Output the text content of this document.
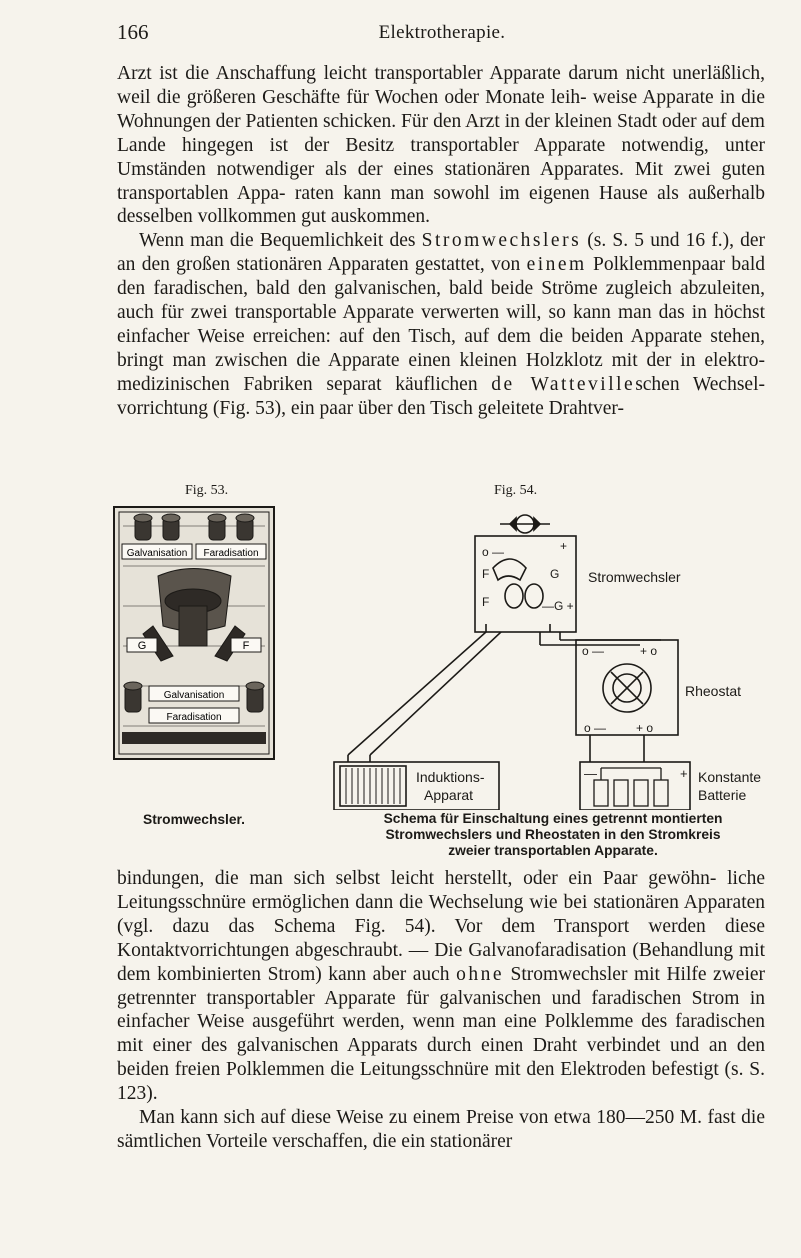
166	Elektrotherapie.

Arzt ist die Anschaffung leicht transportabler Apparate darum nicht unerläßlich, weil die größeren Geschäfte für Wochen oder Monate leih- weise Apparate in die Wohnungen der Patienten schicken. Für den Arzt in der kleinen Stadt oder auf dem Lande hingegen ist der Besitz transportabler Apparate notwendig, unter Umständen notwendiger als der eines stationären Apparates. Mit zwei guten transportablen Appa- raten kann man sowohl im eigenen Hause als außerhalb desselben vollkommen gut auskommen.

Wenn man die Bequemlichkeit des Stromwechslers (s. S. 5 und 16 f.), der an den großen stationären Apparaten gestattet, von einem Polklemmenpaar bald den faradischen, bald den galvanischen, bald beide Ströme zugleich abzuleiten, auch für zwei transportable Apparate verwerten will, so kann man das in höchst einfacher Weise erreichen: auf den Tisch, auf dem die beiden Apparate stehen, bringt man zwischen die Apparate einen kleinen Holzklotz mit der in elektro- medizinischen Fabriken separat käuflichen de Wattevilleschen Wechsel- vorrichtung (Fig. 53), ein paar über den Tisch geleitete Drahtver-

Fig. 53.	Fig. 54.
Galvanisation Faradisation
G	F
Galvanisation
Faradisation
o —	+
F	G
F	—G +
Stromwechsler
o —	+ o
o — + o
Rheostat
Induktions-
Apparat
—	+ Konstante
Batterie
Stromwechsler.	Schema für Einschaltung eines getrennt montierten
Stromwechslers und Rheostaten in den Stromkreis
zweier transportablen Apparate.

bindungen, die man sich selbst leicht herstellt, oder ein Paar gewöhn- liche Leitungsschnüre ermöglichen dann die Wechselung wie bei stationären Apparaten (vgl. dazu das Schema Fig. 54). Vor dem Transport werden diese Kontaktvorrichtungen abgeschraubt. — Die Galvanofaradisation (Behandlung mit dem kombinierten Strom) kann aber auch ohne Stromwechsler mit Hilfe zweier getrennter transportabler Apparate für galvanischen und faradischen Strom in einfacher Weise ausgeführt werden, wenn man eine Polklemme des faradischen mit einer des galvanischen Apparats durch einen Draht verbindet und an den beiden freien Polklemmen die Leitungsschnüre mit den Elektroden befestigt (s. S. 123).

Man kann sich auf diese Weise zu einem Preise von etwa 180—250 M. fast die sämtlichen Vorteile verschaffen, die ein stationärer
